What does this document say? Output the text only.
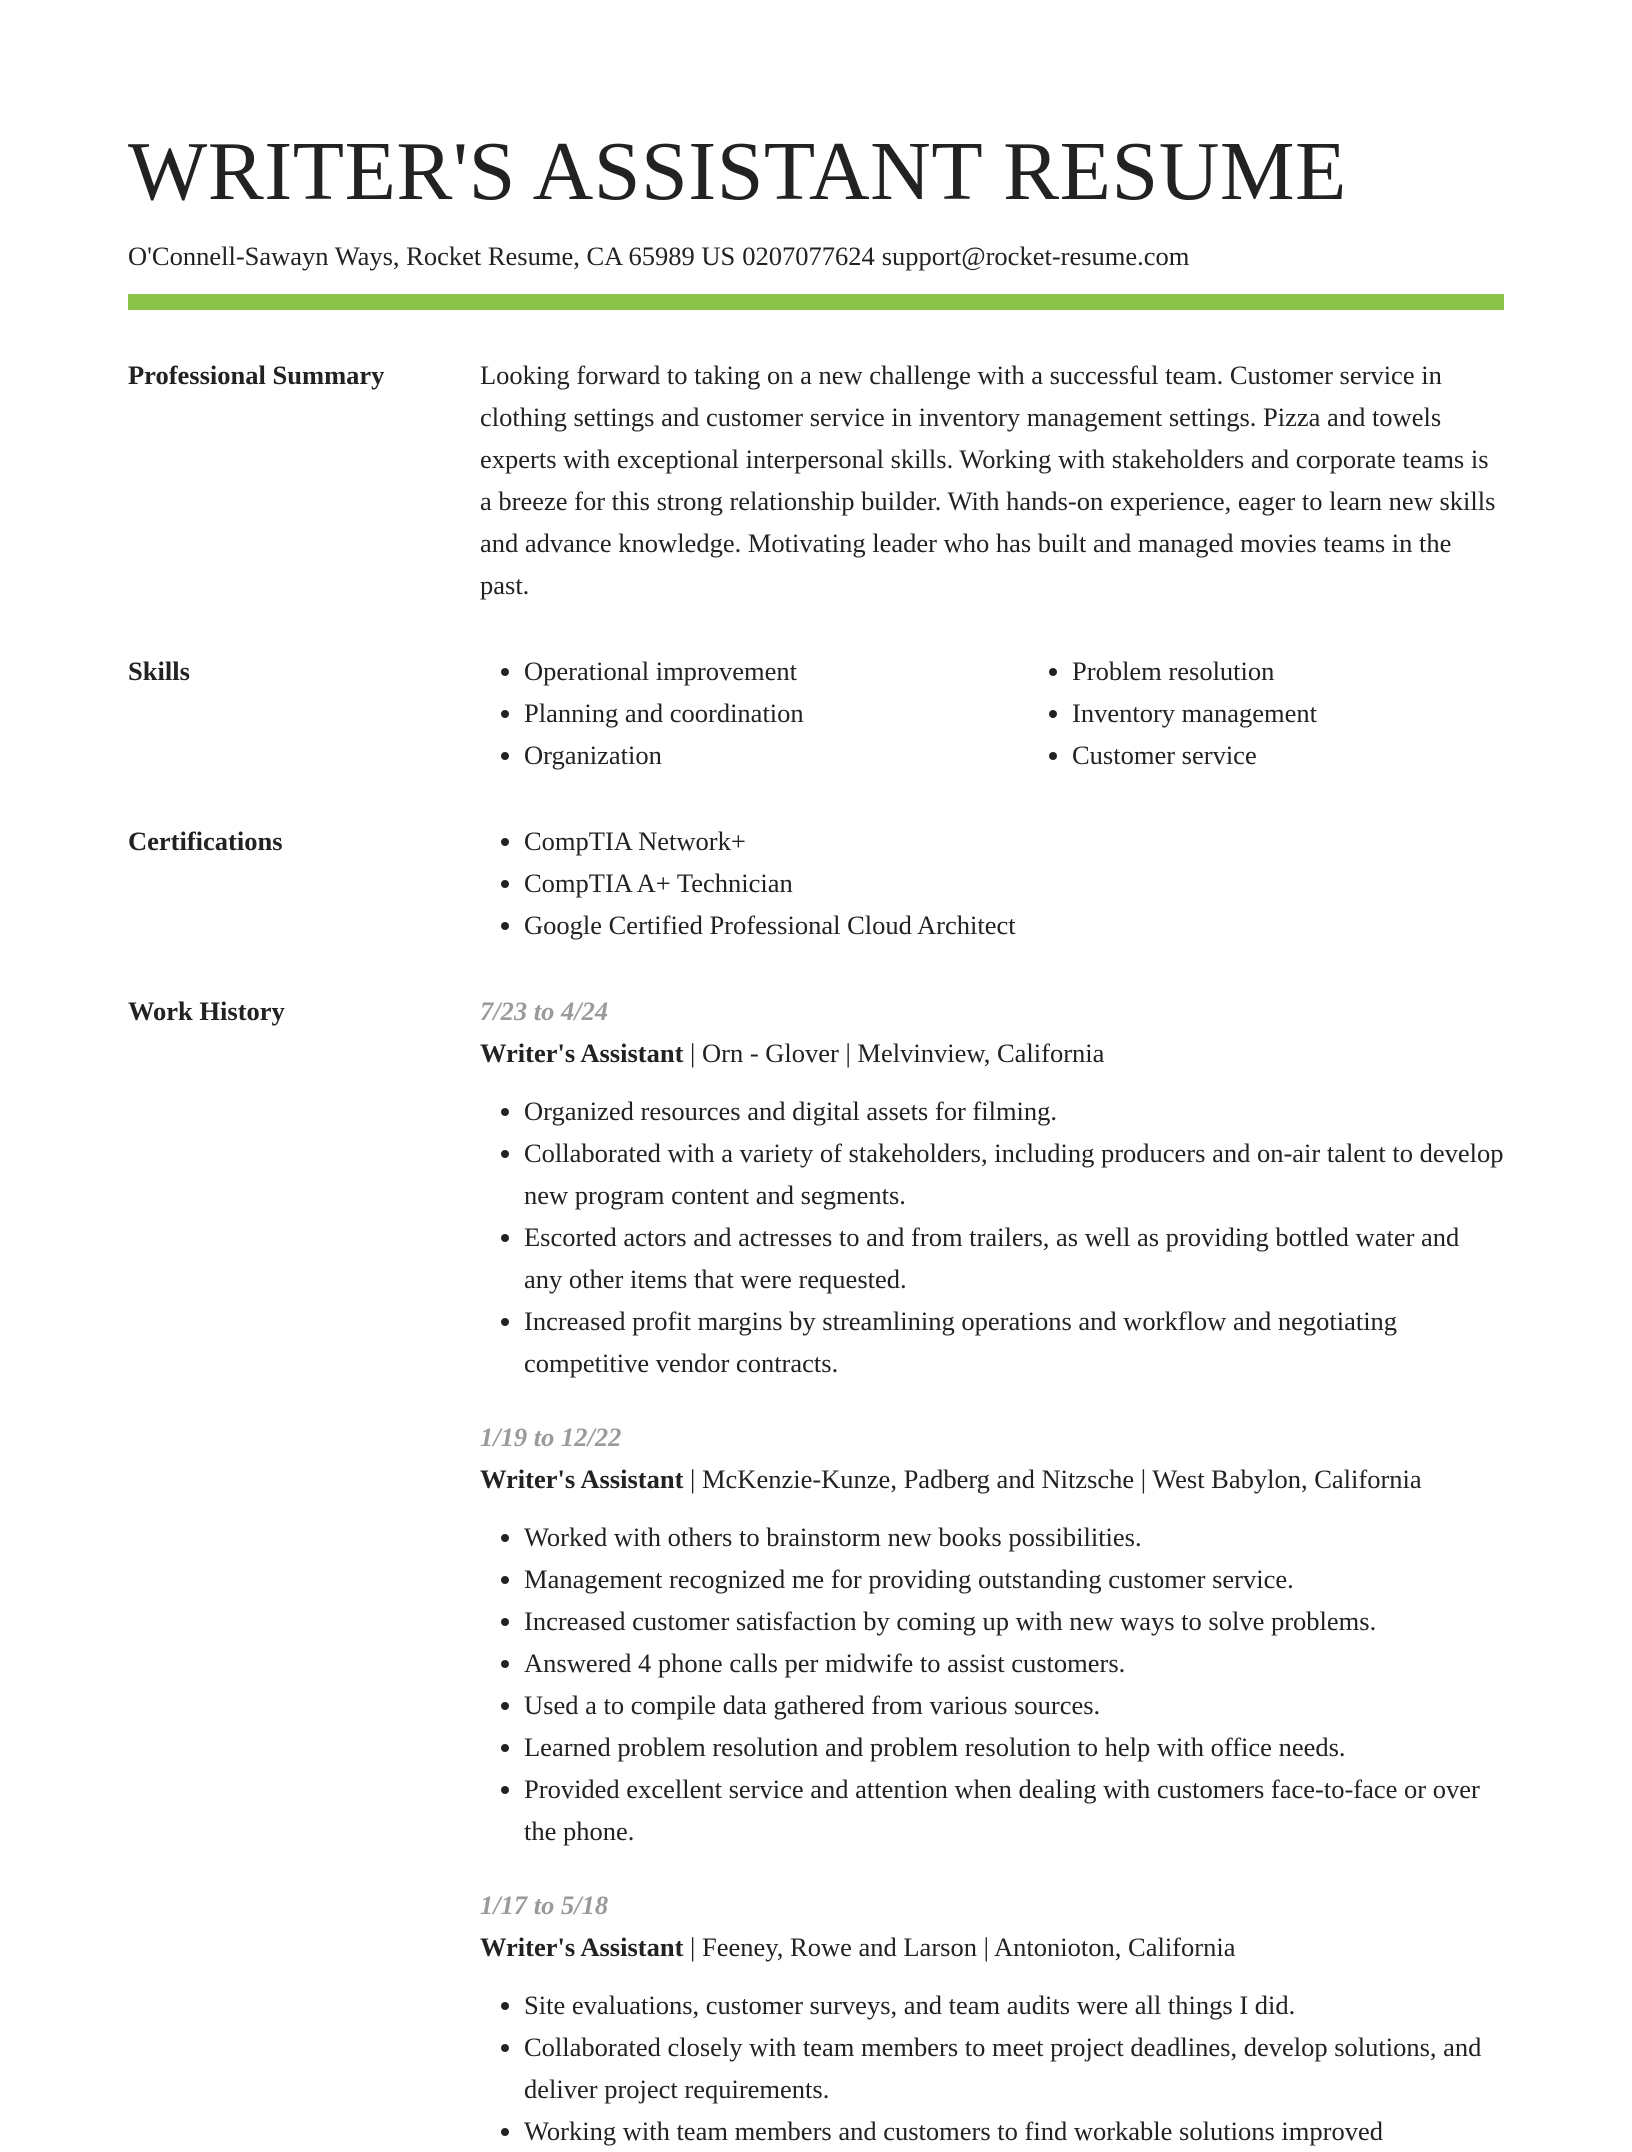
WRITER'S ASSISTANT RESUME
O'Connell-Sawayn Ways, Rocket Resume, CA 65989 US 0207077624 support@rocket-resume.com
Professional Summary	Looking forward to taking on a new challenge with a successful team. Customer service in clothing settings and customer service in inventory management settings. Pizza and towels experts with exceptional interpersonal skills. Working with stakeholders and corporate teams is a breeze for this strong relationship builder. With hands-on experience, eager to learn new skills and advance knowledge. Motivating leader who has built and managed movies teams in the past.

Skills	• Operational improvement
• Planning and coordination
• Organization
• Problem resolution
• Inventory management
• Customer service
Certifications	• CompTIA Network+
• CompTIA A+ Technician
• Google Certified Professional Cloud Architect
Work History	7/23 to 4/24
Writer's Assistant | Orn - Glover | Melvinview, California
• Organized resources and digital assets for filming.
• Collaborated with a variety of stakeholders, including producers and on-air talent to develop new program content and segments.
• Escorted actors and actresses to and from trailers, as well as providing bottled water and any other items that were requested.
• Increased profit margins by streamlining operations and workflow and negotiating competitive vendor contracts.
1/19 to 12/22
Writer's Assistant | McKenzie-Kunze, Padberg and Nitzsche | West Babylon, California
• Worked with others to brainstorm new books possibilities.
• Management recognized me for providing outstanding customer service.
• Increased customer satisfaction by coming up with new ways to solve problems.
• Answered 4 phone calls per midwife to assist customers.
• Used a to compile data gathered from various sources.
• Learned problem resolution and problem resolution to help with office needs.
• Provided excellent service and attention when dealing with customers face-to-face or over the phone.
1/17 to 5/18
Writer's Assistant | Feeney, Rowe and Larson | Antonioton, California
• Site evaluations, customer surveys, and team audits were all things I did.
• Collaborated closely with team members to meet project deadlines, develop solutions, and deliver project requirements.
• Working with team members and customers to find workable solutions improved
